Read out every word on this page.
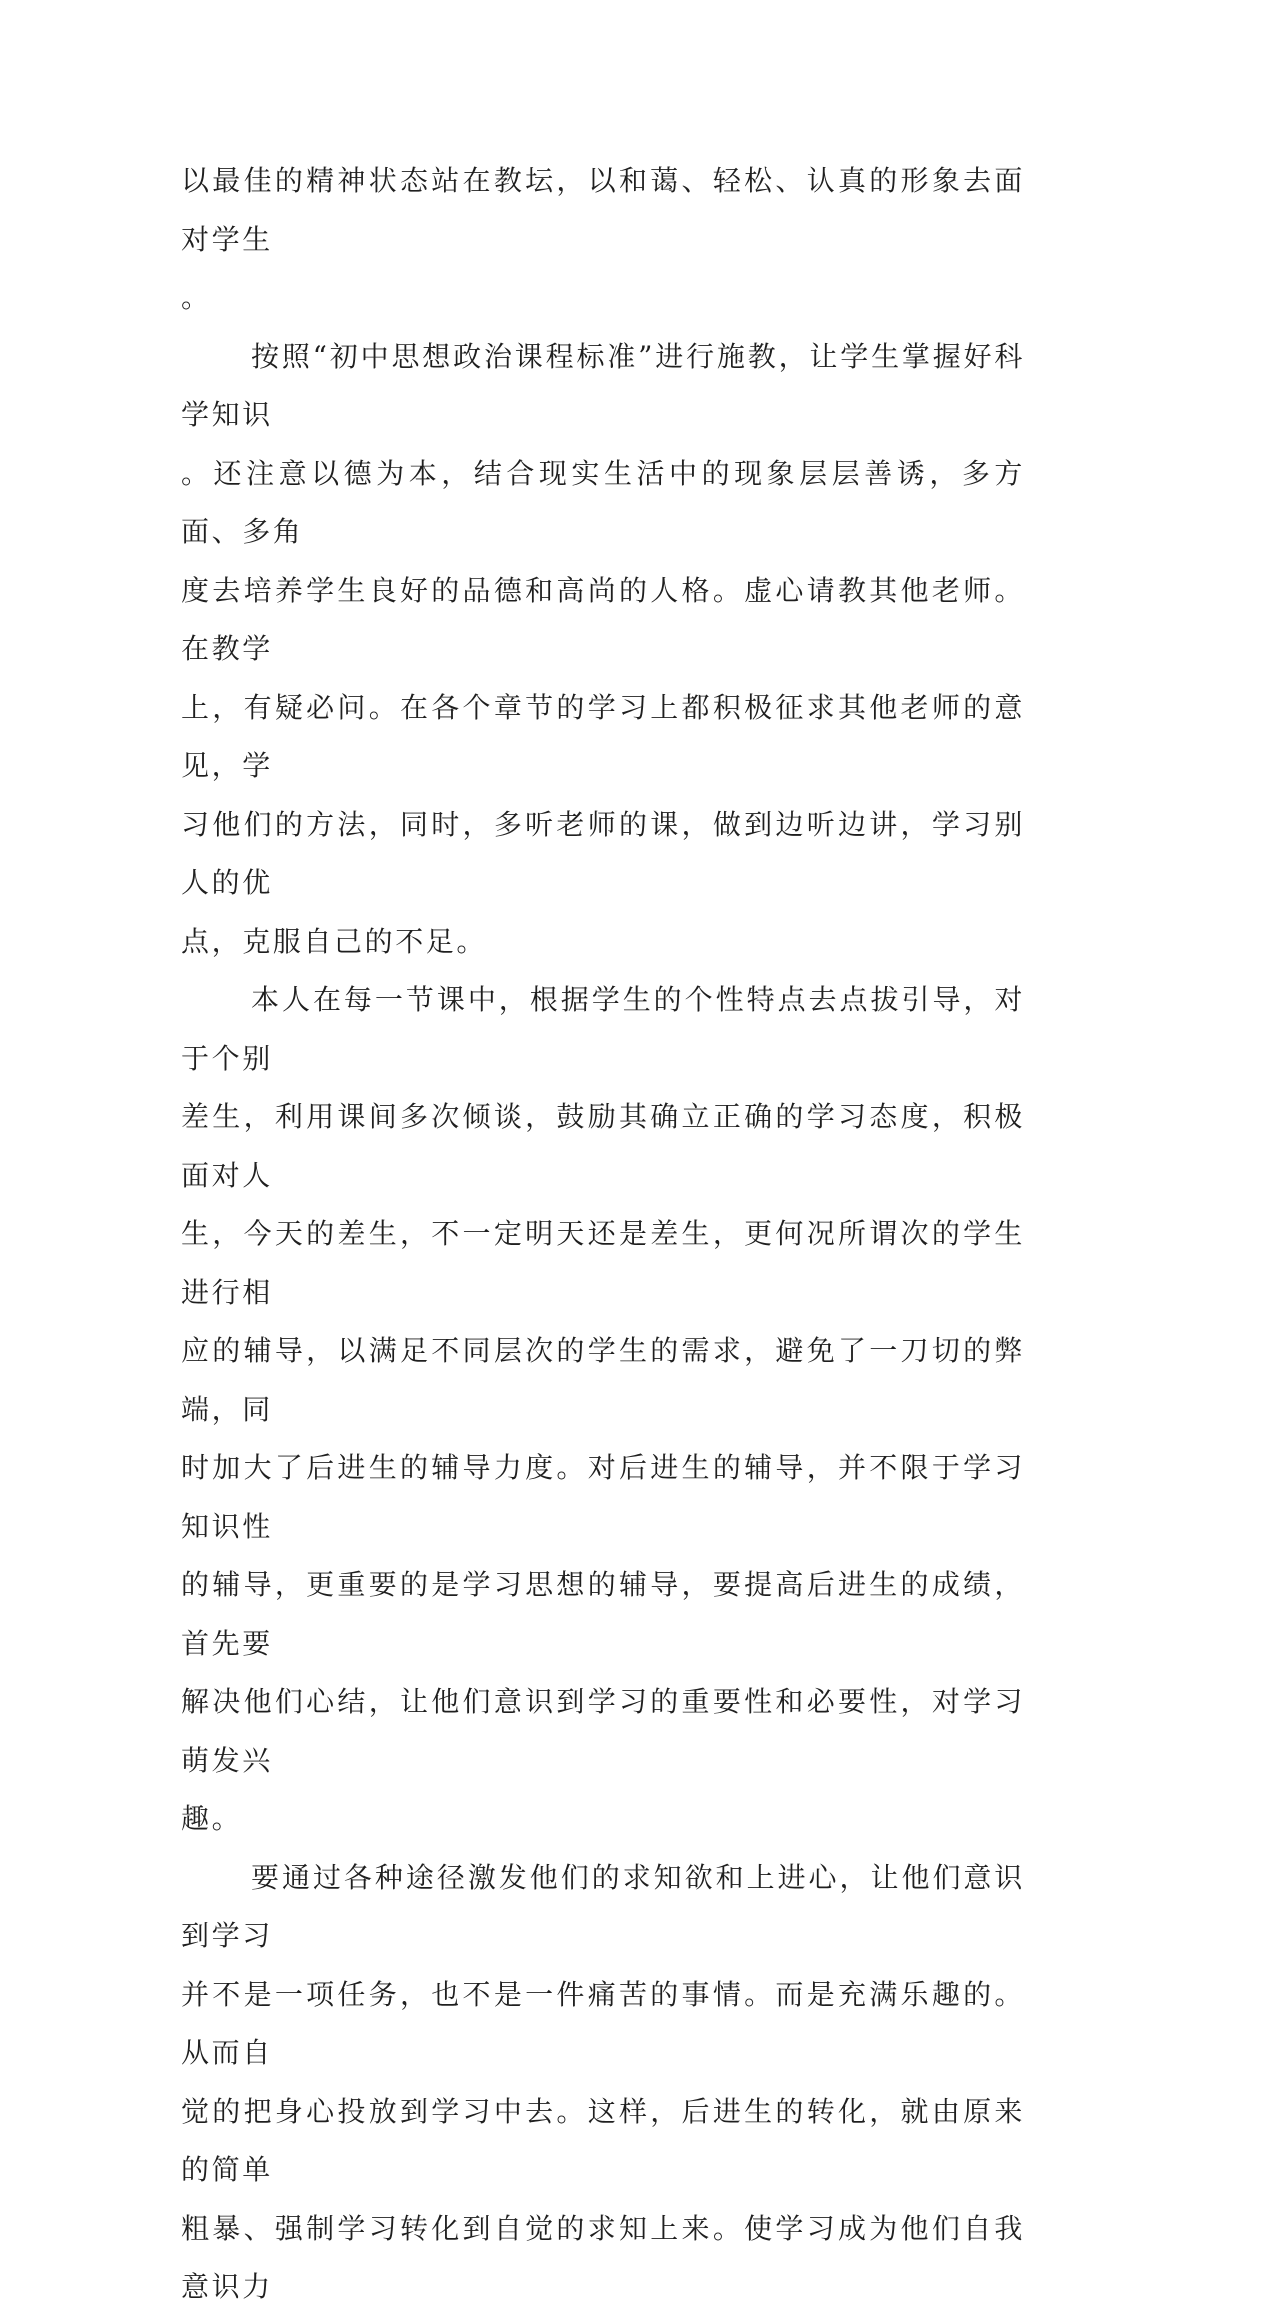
以最佳的精神状态站在教坛，以和蔼、轻松、认真的形象去面对学生
。
按照“初中思想政治课程标准”进行施教，让学生掌握好科学知识
。还注意以德为本，结合现实生活中的现象层层善诱，多方面、多角
度去培养学生良好的品德和高尚的人格。虚心请教其他老师。在教学
上，有疑必问。在各个章节的学习上都积极征求其他老师的意见，学
习他们的方法，同时，多听老师的课，做到边听边讲，学习别人的优
点，克服自己的不足。
本人在每一节课中，根据学生的个性特点去点拔引导，对于个别
差生，利用课间多次倾谈，鼓励其确立正确的学习态度，积极面对人
生，今天的差生，不一定明天还是差生，更何况所谓次的学生进行相
应的辅导，以满足不同层次的学生的需求，避免了一刀切的弊端，同
时加大了后进生的辅导力度。对后进生的辅导，并不限于学习知识性
的辅导，更重要的是学习思想的辅导，要提高后进生的成绩，首先要
解决他们心结，让他们意识到学习的重要性和必要性，对学习萌发兴
趣。
要通过各种途径激发他们的求知欲和上进心，让他们意识到学习
并不是一项任务，也不是一件痛苦的事情。而是充满乐趣的。从而自
觉的把身心投放到学习中去。这样，后进生的转化，就由原来的简单
粗暴、强制学习转化到自觉的求知上来。使学习成为他们自我意识力
